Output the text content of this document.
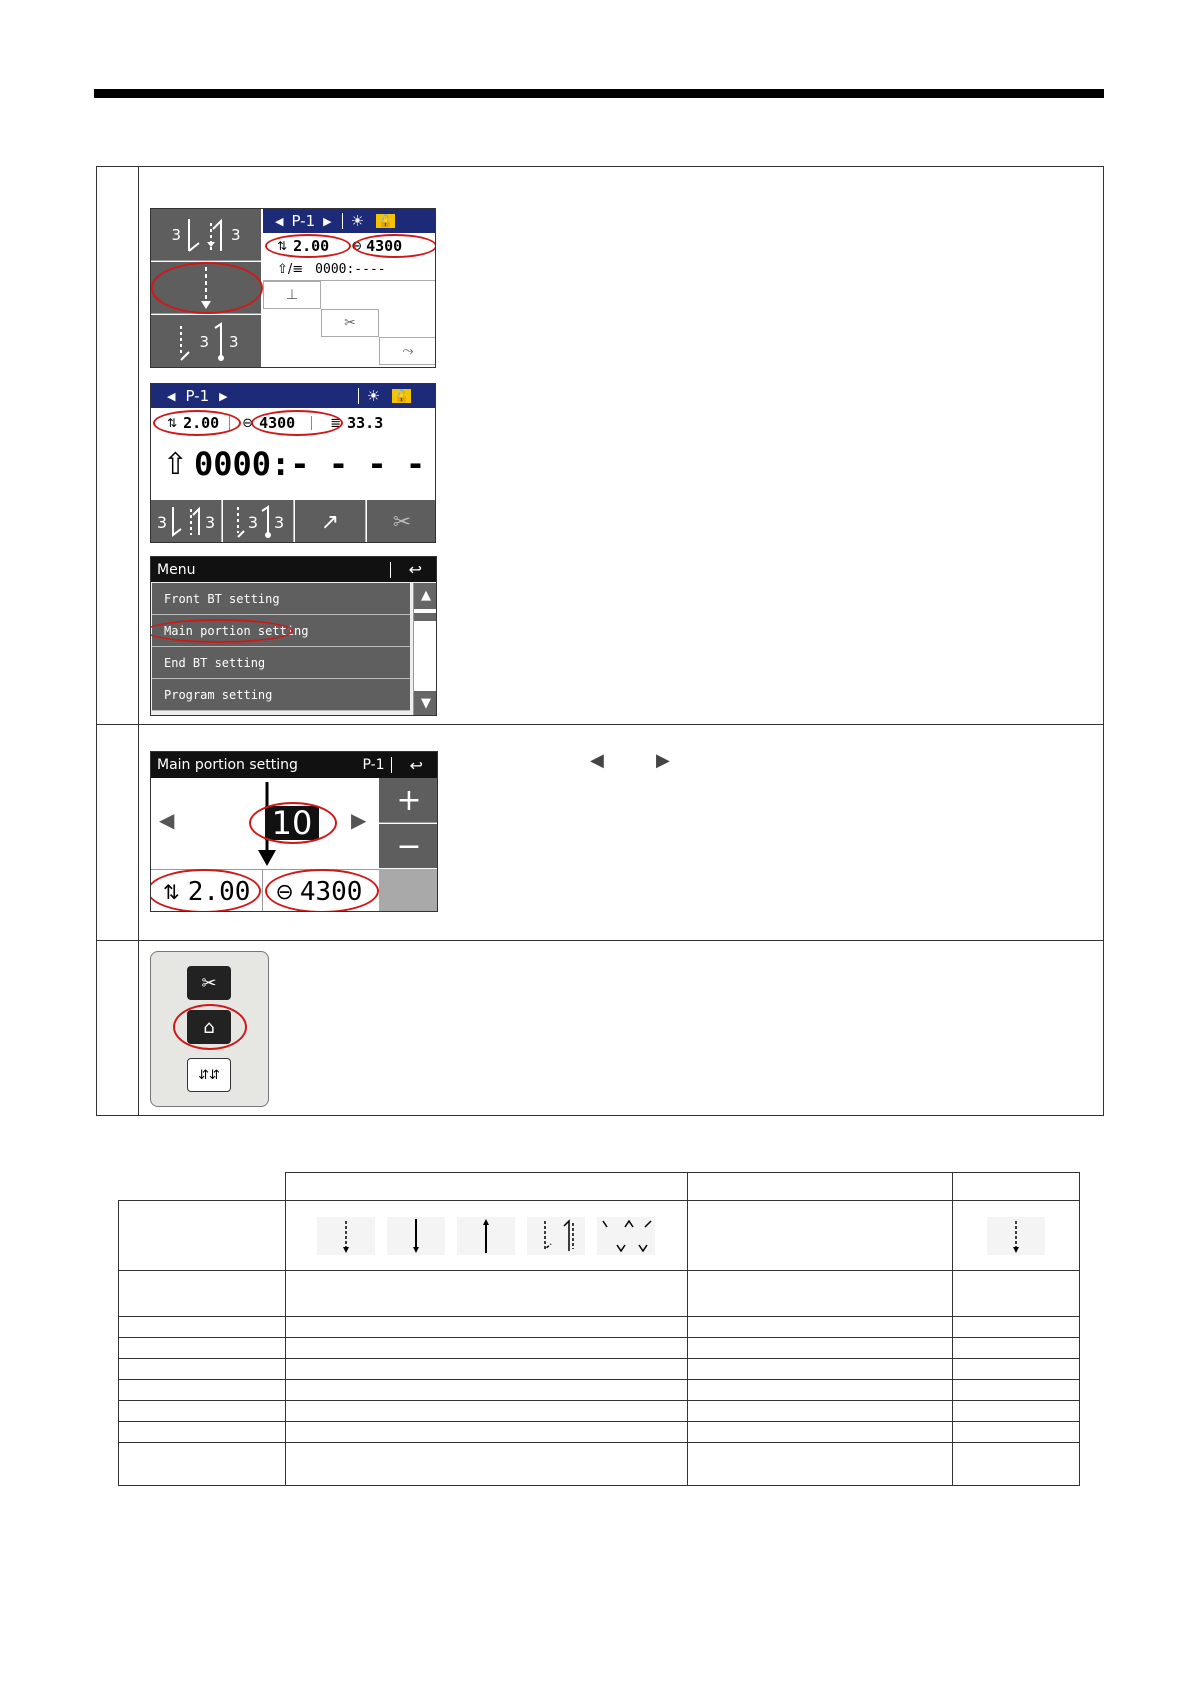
3	3
3 3
◀ P-1 ▶ ☀ 🔓
⇅ 2.00 ⊖ 4300
⇧/≡ 0000:----
⊥
✂
⤳
◀ P-1 ▶	☀ 🔓
⇅ 2.00 ⊖ 4300	≣ 33.3
⇧ 0000:- - - -
3 3 3 3 ↗ ✂
Menu	↩
Front BT setting
Main portion setting
End BT setting
Program setting
▲
▼
Main portion setting	P-1 ↩
◀	▶
10
+
−
⇅ 2.00 ⊖ 4300
◀	▶
✂
⌂
⇵⇵
